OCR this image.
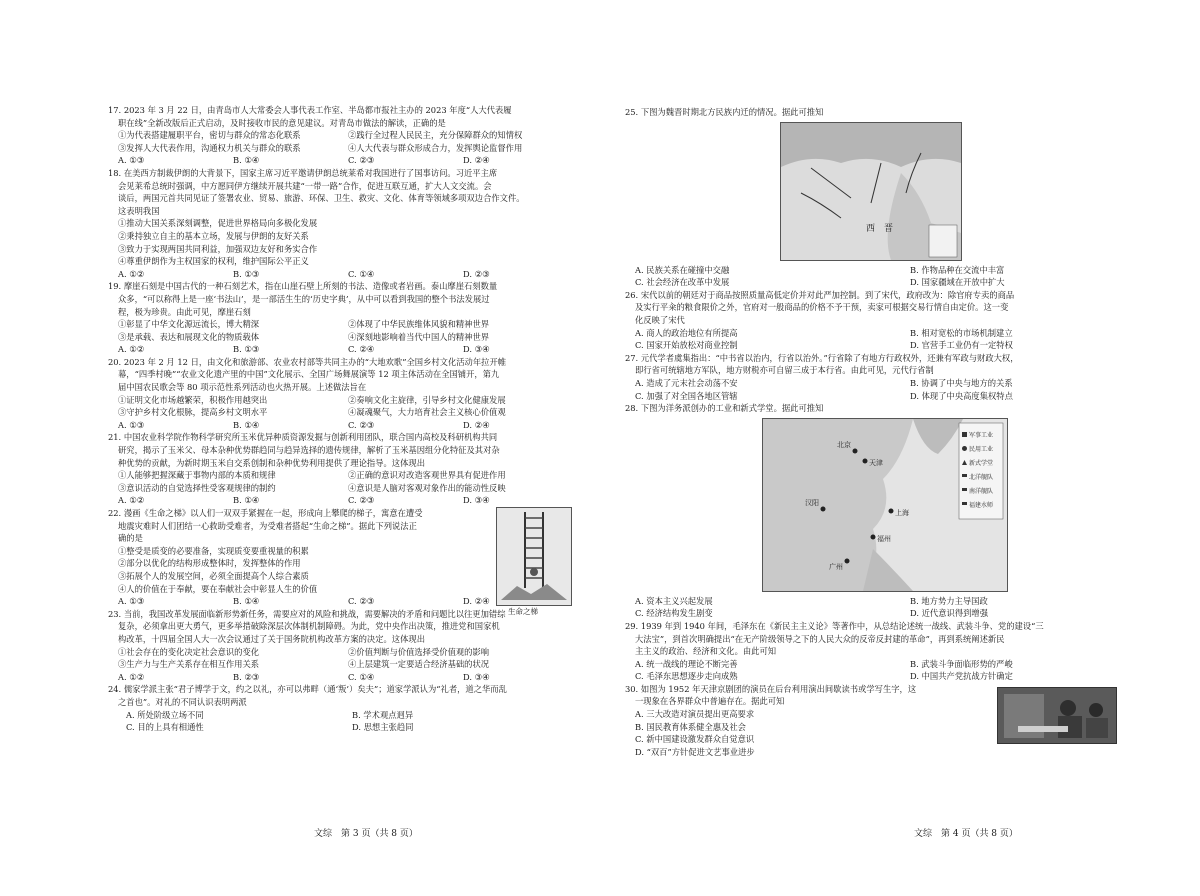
17. 2023 年 3 月 22 日，由青岛市人大常委会人事代表工作室、半岛都市报社主办的 2023 年度“人大代表履
职在线”全新改版后正式启动，及时接收市民的意见建议。对青岛市做法的解读，正确的是
①为代表搭建履职平台，密切与群众的常态化联系	②践行全过程人民民主，充分保障群众的知情权
③发挥人大代表作用，沟通权力机关与群众的联系	④人大代表与群众形成合力，发挥舆论监督作用
A. ①③	B. ①④	C. ②③	D. ②④
18. 在美西方制裁伊朗的大背景下，国家主席习近平邀请伊朗总统莱希对我国进行了国事访问。习近平主席
会见莱希总统时强调，中方愿同伊方继续开展共建“一带一路”合作，促进互联互通，扩大人文交流。会
谈后，两国元首共同见证了签署农业、贸易、旅游、环保、卫生、救灾、文化、体育等领域多项双边合作文件。
这表明我国
①推动大国关系深刻调整，促进世界格局向多极化发展
②秉持独立自主的基本立场，发展与伊朗的友好关系
③致力于实现两国共同利益，加强双边友好和务实合作
④尊重伊朗作为主权国家的权利，维护国际公平正义
A. ①②	B. ①③	C. ①④	D. ②③
19. 摩崖石刻是中国古代的一种石刻艺术，指在山崖石壁上所刻的书法、造像或者岩画。泰山摩崖石刻数量
众多，“可以称得上是一座‘书法山’，是一部活生生的‘历史字典’，从中可以看到我国的整个书法发展过
程，极为珍贵。由此可见，摩崖石刻
①彰显了中华文化源远流长，博大精深	②体现了中华民族维体风貌和精神世界
③是承载、表达和展现文化的物质载体	④深刻地影响着当代中国人的精神世界
A. ①②	B. ①③	C. ②④	D. ③④
20. 2023 年 2 月 12 日，由文化和旅游部、农业农村部等共同主办的“大地欢歌”全国乡村文化活动年拉开帷
幕，“四季村晚”“农业文化遗产里的中国”文化展示、全国广场舞展演等 12 项主体活动在全国铺开，第九
届中国农民歌会等 80 项示范性系列活动也火热开展。上述做法旨在
①证明文化市场越繁荣，积极作用越突出	②奏响文化主旋律，引导乡村文化健康发展
③守护乡村文化根脉，提高乡村文明水平	④凝魂聚气，大力培育社会主义核心价值观
A. ①③	B. ①④	C. ②③	D. ②④
21. 中国农业科学院作物科学研究所玉米优异种质资源发掘与创新利用团队，联合国内高校及科研机构共同
研究，揭示了玉米父、母本杂种优势群趋同与趋异选择的遗传规律，解析了玉米基因组分化特征及其对杂
种优势的贡献，为新时期玉米自交系创制和杂种优势利用提供了理论指导。这体现出
①人能够把握深藏于事物内部的本质和规律	②正确的意识对改造客观世界具有促进作用
③意识活动的自觉选择性受客观规律的制约	④意识是人脑对客观对象作出的能动性反映
A. ①②	B. ①④	C. ②③	D. ③④
22. 漫画《生命之梯》以人们一双双手紧握在一起，形成向上攀爬的梯子，寓意在遭受
地震灾难时人们团结一心救助受难者，为受难者搭起“生命之梯”。据此下列说法正
确的是
①整受是质变的必要准备，实现质变要重视量的积累
②部分以优化的结构形成整体时，发挥整体的作用
③拓展个人的发展空间，必须全面提高个人综合素质
④人的价值在于奉献，要在奉献社会中彰显人生的价值
A. ①③	B. ①④	C. ②③	D. ②④
生命之梯
23. 当前，我国改革发展面临新形势新任务，需要应对的风险和挑战，需要解决的矛盾和问题比以往更加错综
复杂，必须拿出更大勇气，更多举措破除深层次体制机制障碍。为此，党中央作出决策，推进党和国家机
构改革，十四届全国人大一次会议通过了关于国务院机构改革方案的决定。这体现出
①社会存在的变化决定社会意识的变化	②价值判断与价值选择受价值观的影响
③生产力与生产关系存在相互作用关系	④上层建筑一定要适合经济基础的状况
A. ①②	B. ②③	C. ①④	D. ③④
24. 儒家学派主张“君子博学于文，约之以礼，亦可以弗畔（通‘叛’）矣夫”；道家学派认为“礼者，道之华而乱
之首也”。对礼的不同认识表明两派
A. 所处阶级立场不同	B. 学术观点迥异
C. 目的上具有相通性	D. 思想主张趋同
文综　第 3 页（共 8 页）
25. 下图为魏晋时期北方民族内迁的情况。据此可推知
西　晋
A. 民族关系在碰撞中交融	B. 作物品种在交流中丰富
C. 社会经济在改革中发展	D. 国家疆域在开放中扩大
26. 宋代以前的朝廷对于商品按照质量高低定价并对此严加控制。到了宋代，政府改为：除官府专卖的商品
及实行平籴的粮食限价之外，官府对一般商品的价格不予干预，卖家可根据交易行情自由定价。这一变
化反映了宋代
A. 商人的政治地位有所提高	B. 相对宽松的市场机制建立
C. 国家开始放松对商业控制	D. 官营手工业仍有一定特权
27. 元代学者虞集指出：“中书省以治内，行省以治外。”行省除了有地方行政权外，还兼有军政与财政大权，
即行省可统辖地方军队，地方财税亦可自留三成于本行省。由此可见，元代行省制
A. 造成了元末社会动荡不安	B. 协调了中央与地方的关系
C. 加强了对全国各地区管辖	D. 体现了中央高度集权特点
28. 下图为洋务派创办的工业和新式学堂。据此可推知
北京
天津
上海
福州
广州
汉阳
军事工业
民用工业
新式学堂
北洋舰队
南洋舰队
福建水师
A. 资本主义兴起发展	B. 地方势力主导国政
C. 经济结构发生剧变	D. 近代意识得到增强
29. 1939 年到 1940 年间，毛泽东在《新民主主义论》等著作中，从总结论述统一战线、武装斗争、党的建设“三
大法宝”，到首次明确提出“在无产阶级领导之下的人民大众的反帝反封建的革命”，再到系统阐述新民
主主义的政治、经济和文化。由此可知
A. 统一战线的理论不断完善	B. 武装斗争面临形势的严峻
C. 毛泽东思想逐步走向成熟	D. 中国共产党抗战方针确定
30. 如图为 1952 年天津京剧团的演员在后台利用演出间歇读书或学写生字，这
一现象在各界群众中普遍存在。据此可知
A. 三大改造对演员提出更高要求
B. 国民教育体系健全惠及社会
C. 新中国建设激发群众自觉意识
D. “双百”方针促进文艺事业进步
文综　第 4 页（共 8 页）
